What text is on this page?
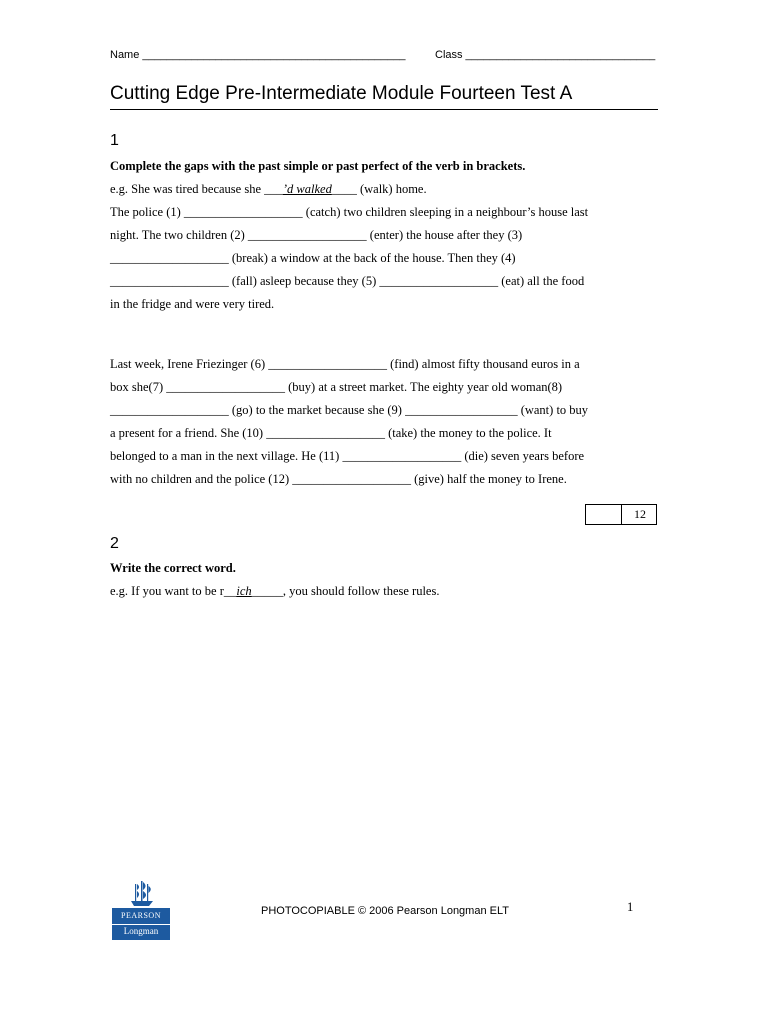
Name ___________________________________________	Class _______________________________
Cutting Edge Pre-Intermediate Module Fourteen Test A
1
Complete the gaps with the past simple or past perfect of the verb in brackets.
e.g. She was tired because she ___’d walked____ (walk) home.
The police (1) ___________________ (catch) two children sleeping in a neighbour’s house last
night. The two children (2) ___________________ (enter) the house after they (3)
___________________ (break) a window at the back of the house. Then they (4)
___________________ (fall) asleep because they (5) ___________________ (eat) all the food
in the fridge and were very tired.
Last week, Irene Friezinger (6) ___________________ (find) almost fifty thousand euros in a
box she(7) ___________________ (buy) at a street market. The eighty year old woman(8)
___________________ (go) to the market because she (9) __________________ (want) to buy
a present for a friend. She (10) ___________________ (take) the money to the police. It
belonged to a man in the next village. He (11) ___________________ (die) seven years before
with no children and the police (12) ___________________ (give) half the money to Irene.
12
2
Write the correct word.
e.g. If you want to be r__ich_____, you should follow these rules.
PEARSON
Longman
PHOTOCOPIABLE © 2006 Pearson Longman ELT	1
